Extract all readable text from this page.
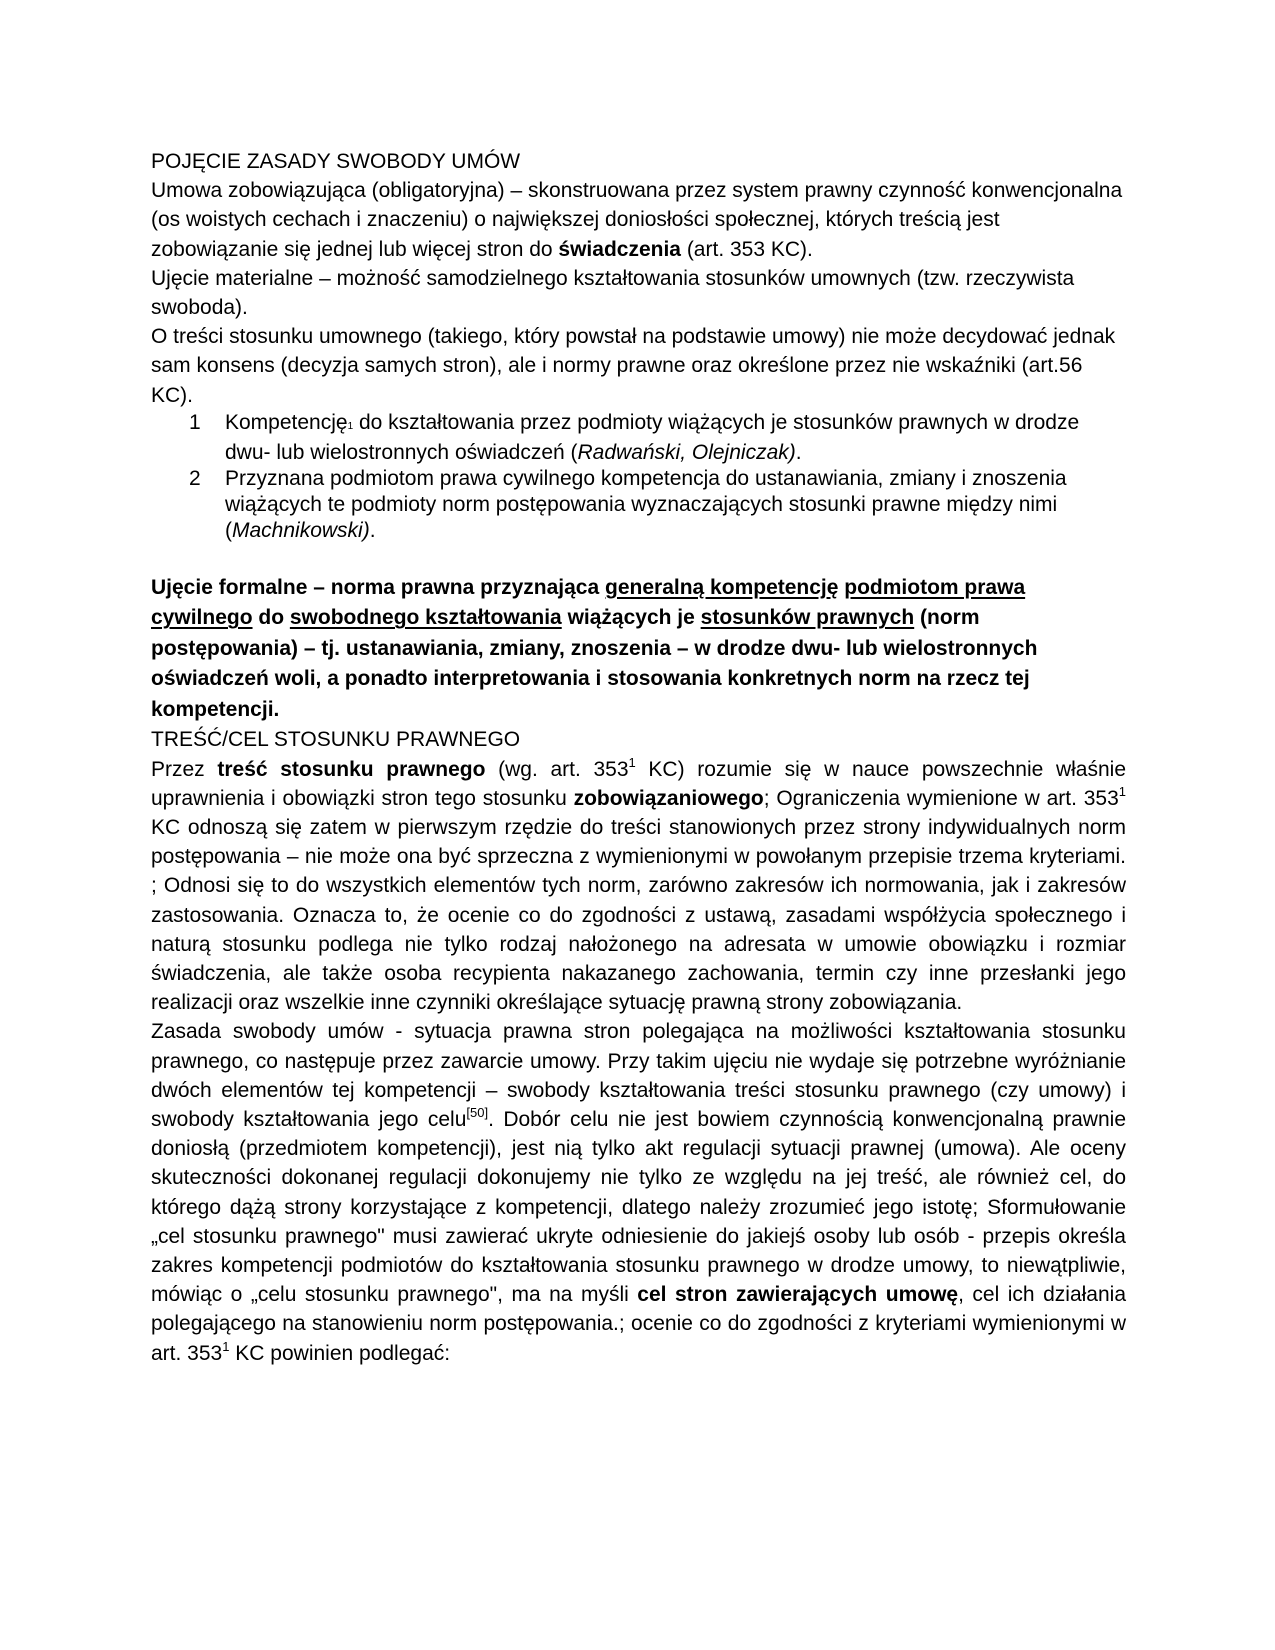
POJĘCIE ZASADY SWOBODY UMÓW

Umowa zobowiązująca (obligatoryjna) – skonstruowana przez system prawny czynność konwencjonalna (os woistych cechach i znaczeniu) o największej doniosłości społecznej, których treścią jest zobowiązanie się jednej lub więcej stron do świadczenia (art. 353 KC).

Ujęcie materialne – możność samodzielnego kształtowania stosunków umownych (tzw. rzeczywista swoboda).

O treści stosunku umownego (takiego, który powstał na podstawie umowy) nie może decydować jednak sam konsens (decyzja samych stron), ale i normy prawne oraz określone przez nie wskaźniki (art.56 KC).

1 Kompetencję1 do kształtowania przez podmioty wiążących je stosunków prawnych w drodze dwu- lub wielostronnych oświadczeń (Radwański, Olejniczak).
2 Przyznana podmiotom prawa cywilnego kompetencja do ustanawiania, zmiany i znoszenia wiążących te podmioty norm postępowania wyznaczających stosunki prawne między nimi (Machnikowski).

Ujęcie formalne – norma prawna przyznająca generalną kompetencję podmiotom prawa cywilnego do swobodnego kształtowania wiążących je stosunków prawnych (norm postępowania) – tj. ustanawiania, zmiany, znoszenia – w drodze dwu- lub wielostronnych oświadczeń woli, a ponadto interpretowania i stosowania konkretnych norm na rzecz tej kompetencji.

TREŚĆ/CEL STOSUNKU PRAWNEGO

Przez treść stosunku prawnego (wg. art. $353^1$ KC) rozumie się w nauce powszechnie właśnie uprawnienia i obowiązki stron tego stosunku zobowiązaniowego; Ograniczenia wymienione w art. $353^1$ KC odnoszą się zatem w pierwszym rzędzie do treści stanowionych przez strony indywidualnych norm postępowania – nie może ona być sprzeczna z wymienionymi w powołanym przepisie trzema kryteriami. ; Odnosi się to do wszystkich elementów tych norm, zarówno zakresów ich normowania, jak i zakresów zastosowania. Oznacza to, że ocenie co do zgodności z ustawą, zasadami współżycia społecznego i naturą stosunku podlega nie tylko rodzaj nałożonego na adresata w umowie obowiązku i rozmiar świadczenia, ale także osoba recypienta nakazanego zachowania, termin czy inne przesłanki jego realizacji oraz wszelkie inne czynniki określające sytuację prawną strony zobowiązania.

Zasada swobody umów - sytuacja prawna stron polegająca na możliwości kształtowania stosunku prawnego, co następuje przez zawarcie umowy. Przy takim ujęciu nie wydaje się potrzebne wyróżnianie dwóch elementów tej kompetencji – swobody kształtowania treści stosunku prawnego (czy umowy) i swobody kształtowania jego celu[50]. Dobór celu nie jest bowiem czynnością konwencjonalną prawnie doniosłą (przedmiotem kompetencji), jest nią tylko akt regulacji sytuacji prawnej (umowa). Ale oceny skuteczności dokonanej regulacji dokonujemy nie tylko ze względu na jej treść, ale również cel, do którego dążą strony korzystające z kompetencji, dlatego należy zrozumieć jego istotę; Sformułowanie „cel stosunku prawnego" musi zawierać ukryte odniesienie do jakiejś osoby lub osób - przepis określa zakres kompetencji podmiotów do kształtowania stosunku prawnego w drodze umowy, to niewątpliwie, mówiąc o „celu stosunku prawnego", ma na myśli cel stron zawierających umowę, cel ich działania polegającego na stanowieniu norm postępowania.; ocenie co do zgodności z kryteriami wymienionymi w art. $353^1$ KC powinien podlegać:
